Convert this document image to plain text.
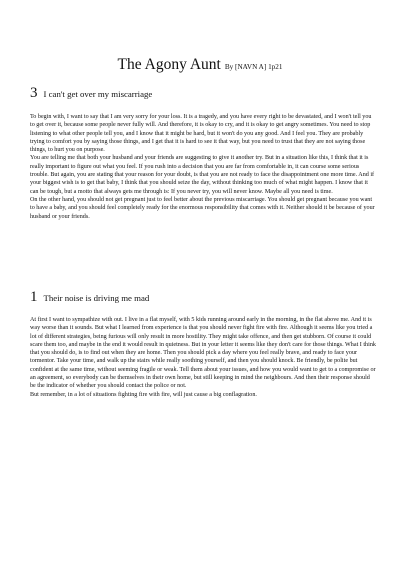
The Agony Aunt By [NAVN A] 1p21
3 I can't get over my miscarriage

To begin with, I want to say that I am very sorry for your loss. It is a tragedy, and you have every right to be devastated, and I won't tell you to get over it, because some people never fully will. And therefore, it is okay to cry, and it is okay to get angry sometimes. You need to stop listening to what other people tell you, and I know that it might be hard, but it won't do you any good. And I feel you. They are probably trying to comfort you by saying those things, and I get that it is hard to see it that way, but you need to trust that they are not saying those things, to hurt you on purpose.

You are telling me that both your husband and your friends are suggesting to give it another try. But in a situation like this, I think that it is really important to figure out what you feel. If you rush into a decision that you are far from comfortable in, it can course some serious trouble. But again, you are stating that your reason for your doubt, is that you are not ready to face the disappointment one more time. And if your biggest wish is to get that baby, I think that you should seize the day, without thinking too much of what might happen. I know that it can be tough, but a motto that always gets me through is: If you never try, you will never know. Maybe all you need is time.

On the other hand, you should not get pregnant just to feel better about the previous miscarriage. You should get pregnant because you want to have a baby, and you should feel completely ready for the enormous responsibility that comes with it. Neither should it be because of your husband or your friends.

1 Their noise is driving me mad

At first I want to sympathize with out. I live in a flat myself, with 5 kids running around early in the morning, in the flat above me. And it is way worse than it sounds. But what I learned from experience is that you should never fight fire with fire. Although it seems like you tried a lot of different strategies, being furious will only result in more hostility. They might take offence, and then get stubborn. Of course it could scare them too, and maybe in the end it would result in quietness. But in your letter it seems like they don't care for those things. What I think that you should do, is to find out when they are home. Then you should pick a day where you feel really brave, and ready to face your tormentor. Take your time, and walk up the stairs while really soothing yourself, and then you should knock. Be friendly, be polite but confident at the same time, without seeming fragile or weak. Tell them about your issues, and how you would want to get to a compromise or an agreement, so everybody can be themselves in their own home, but still keeping in mind the neighbours. And then their response should be the indicator of whether you should contact the police or not.

But remember, in a lot of situations fighting fire with fire, will just cause a big conflagration.
